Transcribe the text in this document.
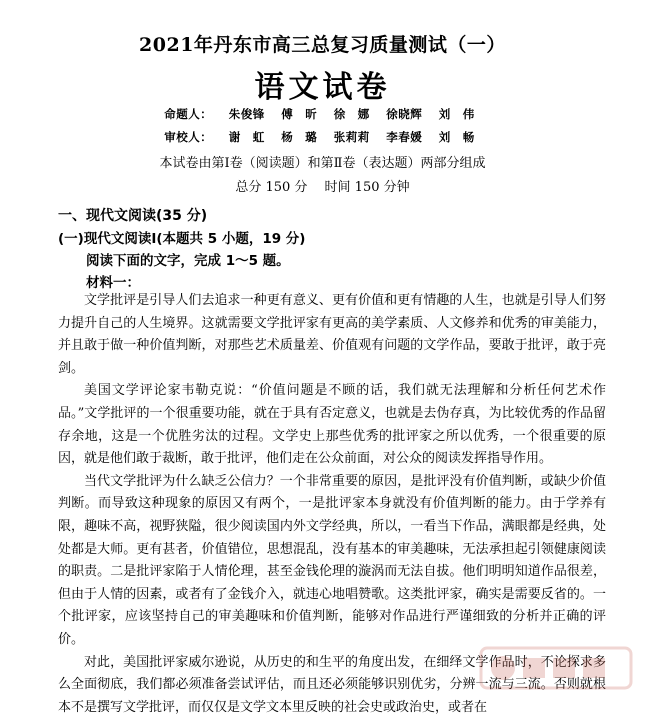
2021年丹东市高三总复习质量测试（一）
语文试卷
命题人： 朱俊锋 傅　昕 徐　娜 徐晓辉 刘　伟
审校人： 谢　虹 杨　璐 张莉莉 李春媛 刘　畅
本试卷由第Ⅰ卷（阅读题）和第Ⅱ卷（表达题）两部分组成
总分 150 分　 时间 150 分钟
一、现代文阅读(35 分)
(一)现代文阅读Ⅰ(本题共 5 小题，19 分)
阅读下面的文字，完成 1～5 题。
材料一：

文学批评是引导人们去追求一种更有意义、更有价值和更有情趣的人生，也就是引导人们努力提升自己的人生境界。这就需要文学批评家有更高的美学素质、人文修养和优秀的审美能力，并且敢于做一种价值判断，对那些艺术质量差、价值观有问题的文学作品，要敢于批评，敢于亮剑。

美国文学评论家韦勒克说：“价值问题是不顾的话，我们就无法理解和分析任何艺术作品。”文学批评的一个很重要功能，就在于具有否定意义，也就是去伪存真，为比较优秀的作品留存余地，这是一个优胜劣汰的过程。文学史上那些优秀的批评家之所以优秀，一个很重要的原因，就是他们敢于裁断，敢于批评，他们走在公众前面，对公众的阅读发挥指导作用。

当代文学批评为什么缺乏公信力？一个非常重要的原因，是批评没有价值判断，或缺少价值判断。而导致这种现象的原因又有两个，一是批评家本身就没有价值判断的能力。由于学养有限，趣味不高，视野狭隘，很少阅读国内外文学经典，所以，一看当下作品，满眼都是经典，处处都是大师。更有甚者，价值错位，思想混乱，没有基本的审美趣味，无法承担起引领健康阅读的职责。二是批评家陷于人情伦理，甚至金钱伦理的漩涡而无法自拔。他们明明知道作品很差，但由于人情的因素，或者有了金钱介入，就违心地唱赞歌。这类批评家，确实是需要反省的。一个批评家，应该坚持自己的审美趣味和价值判断，能够对作品进行严谨细致的分析并正确的评价。

对此，美国批评家威尔逊说，从历史的和生平的角度出发，在细绎文学作品时，不论探求多么全面彻底，我们都必须准备尝试评估，而且还必须能够识别优劣，分辨一流与三流。否则就根本不是撰写文学批评，而仅仅是文学文本里反映的社会史或政治史，或者在
